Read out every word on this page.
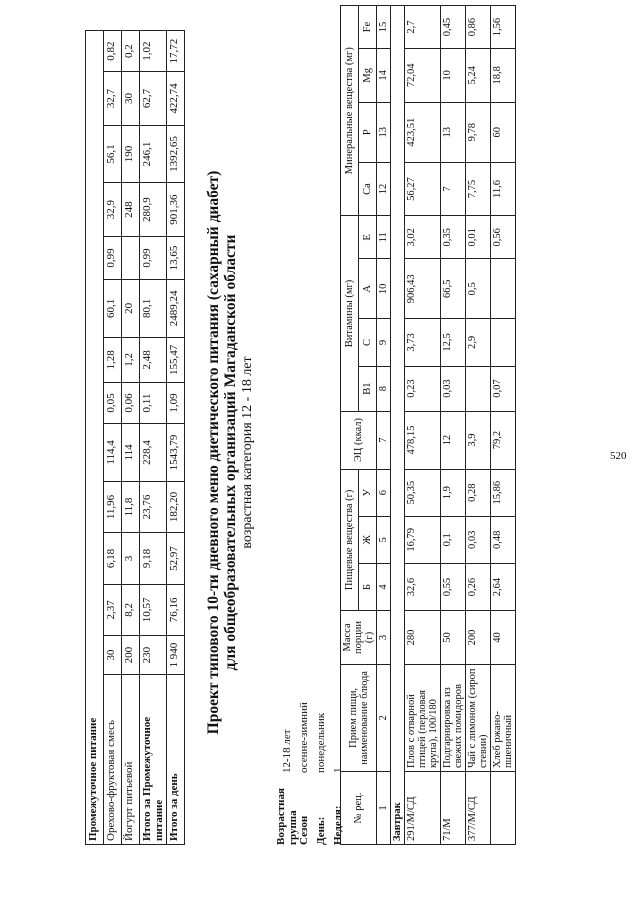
Промежуточное питание													
Орехово-фруктовая смесь	30	2,37	6,18	11,96	114,4	0,05	1,28	60,1	0,99	32,9	56,1	32,7	0,82
Йогурт питьевой	200	8,2	3	11,8	114	0,06	1,2	20		248	190	30	0,2
Итого за Промежуточное питание	230	10,57	9,18	23,76	228,4	0,11	2,48	80,1	0,99	280,9	246,1	62,7	1,02
Итого за день	1 940	76,16	52,97	182,20	1543,79	1,09	155,47	2489,24	13,65	901,36	1392,65	422,74	17,72
Проект типового 10-ти дневного меню диетического питания (сахарный диабет) для общеобразовательных организаций Магаданской области возрастная категория 12 - 18 лет
Возрастная группа
12-18 лет
Сезон
осенне-зимний
День:
понедельник
Неделя:
1
№ рец.	Прием пищи, наименование блюда	Масса порции (г)	Пищевые вещества (г)			ЭЦ (ккал)	Витамины (мг)				Минеральные вещества (мг)			
			Б	Ж	У		В1	С	А	Е	Ca	P	Mg	Fe
1	2	3	4	5	6	7	8	9	10	11	12	13	14	15
Завтрак														
291/М/СД	Плов с отварной птицей (перловая крупа), 100/180	280	32,6	16,79	50,35	478,15	0,23	3,73	906,43	3,02	56,27	423,51	72,04	2,7
71/М	Подгарнировка из свежих помидоров	50	0,55	0,1	1,9	12	0,03	12,5	66,5	0,35	7	13	10	0,45
377/М/СД	Чай с лимоном (сироп стевии)	200	0,26	0,03	0,28	3,9		2,9	0,5	0,01	7,75	9,78	5,24	0,86
	Хлеб ржано-пшеничный	40	2,64	0,48	15,86	79,2	0,07			0,56	11,6	60	18,8	1,56
520
